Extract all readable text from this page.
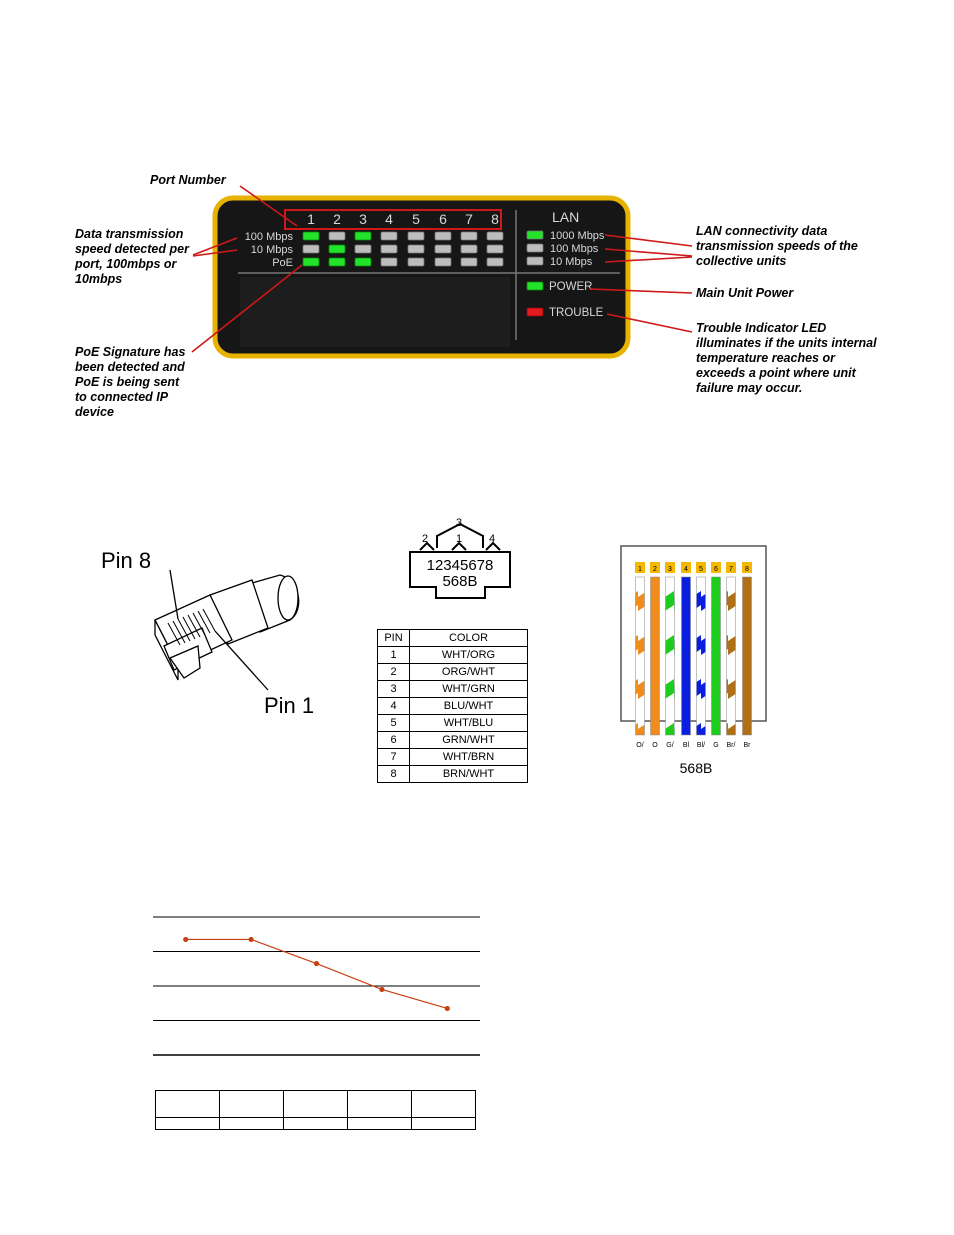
1 2 3 4 5 6 7 8
100 Mbps
10 Mbps
PoE
LAN
1000 Mbps
100 Mbps
10 Mbps
POWER
TROUBLE
Port Number
Data transmission
speed detected per
port, 100mbps or
10mbps
PoE Signature has
been detected and
PoE is being sent
to connected IP
device
LAN connectivity data
transmission speeds of the
collective units
Main Unit Power
Trouble Indicator LED
illuminates if the units internal
temperature reaches or
exceeds a point where unit
failure may occur.
Pin 8
Pin 1
3
2	1 4
12345678
568B
PIN	COLOR
1	WHT/ORG
2	ORG/WHT
3	WHT/GRN
4	BLU/WHT
5	WHT/BLU
6	GRN/WHT
7	WHT/BRN
8	BRN/WHT
1 2 3 4 5 6 7 8
O/ O G/ Bl Bl/ G Br/ Br
568B
